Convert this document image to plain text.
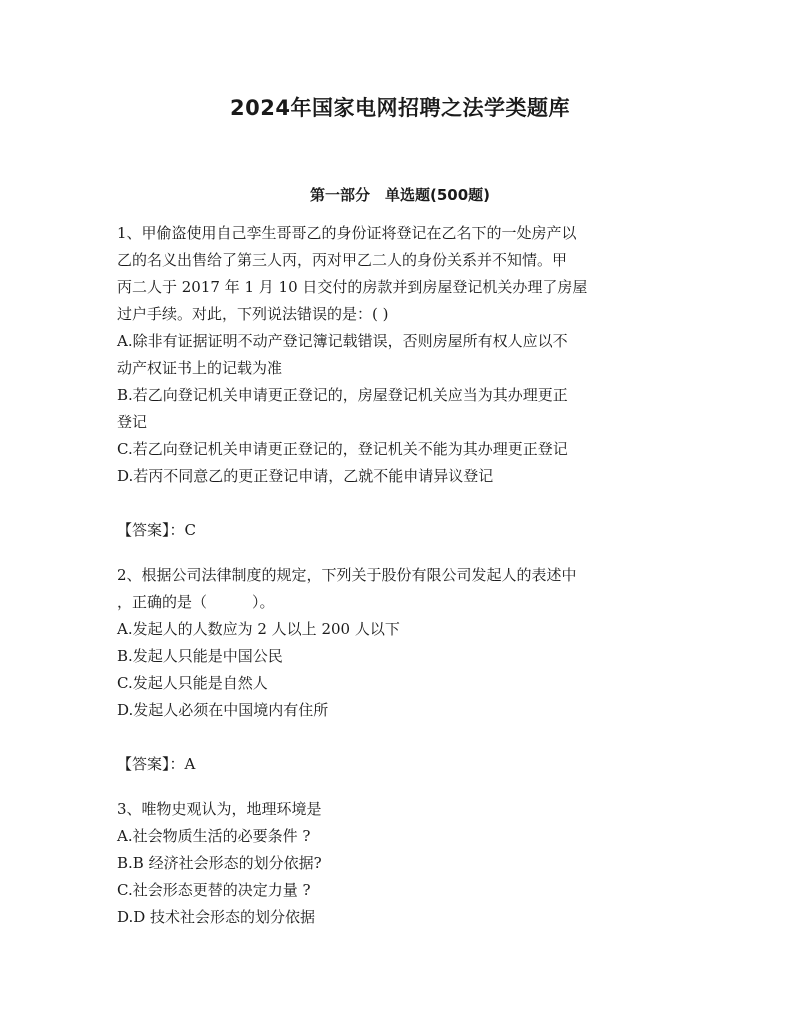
2024年国家电网招聘之法学类题库
第一部分　单选题(500题)
1、甲偷盗使用自己孪生哥哥乙的身份证将登记在乙名下的一处房产以
乙的名义出售给了第三人丙，丙对甲乙二人的身份关系并不知情。甲
丙二人于 2017 年 1 月 10 日交付的房款并到房屋登记机关办理了房屋
过户手续。对此，下列说法错误的是：( )
A.除非有证据证明不动产登记簿记载错误，否则房屋所有权人应以不
动产权证书上的记载为准
B.若乙向登记机关申请更正登记的，房屋登记机关应当为其办理更正
登记
C.若乙向登记机关申请更正登记的，登记机关不能为其办理更正登记
D.若丙不同意乙的更正登记申请，乙就不能申请异议登记
【答案】：C
2、根据公司法律制度的规定，下列关于股份有限公司发起人的表述中
，正确的是（　　　）。
A.发起人的人数应为 2 人以上 200 人以下
B.发起人只能是中国公民
C.发起人只能是自然人
D.发起人必须在中国境内有住所
【答案】：A
3、唯物史观认为，地理环境是
A.社会物质生活的必要条件 ?
B.B 经济社会形态的划分依据?
C.社会形态更替的决定力量 ?
D.D 技术社会形态的划分依据
